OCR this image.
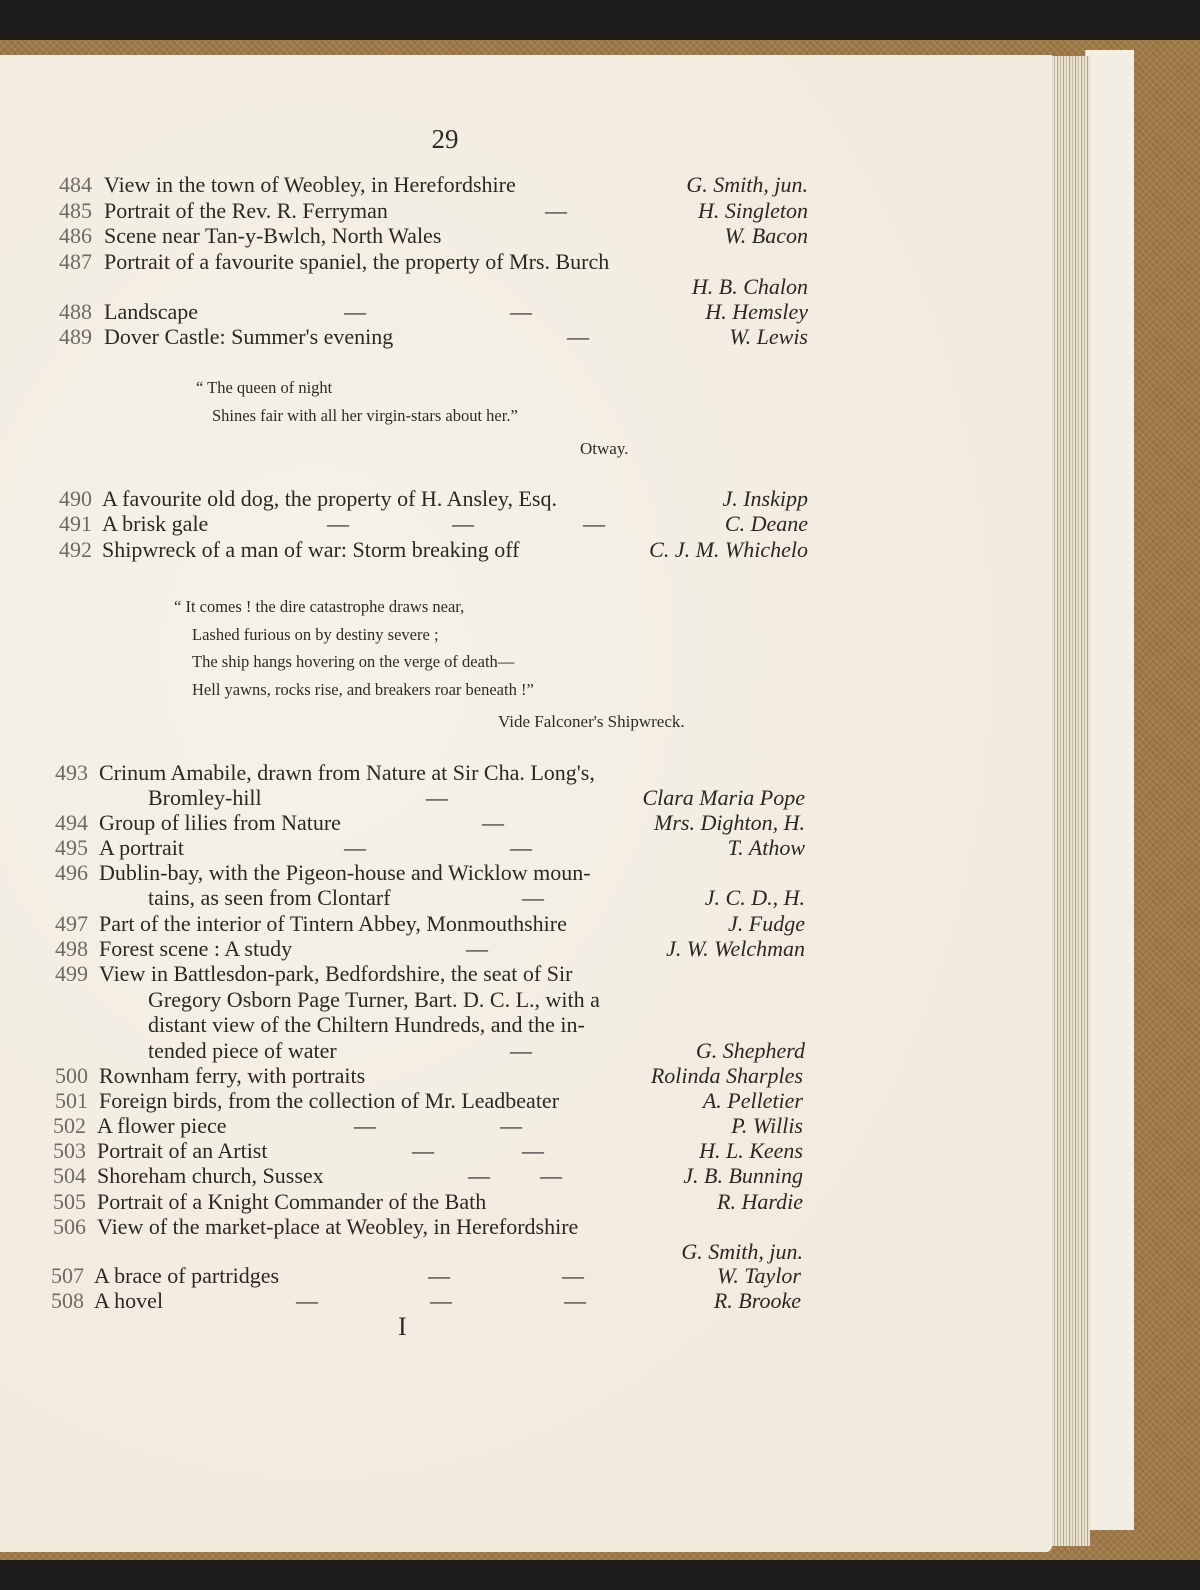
29
484 View in the town of Weobley, in Herefordshire	G. Smith, jun.
485 Portrait of the Rev. R. Ferryman	—	H. Singleton
486 Scene near Tan-y-Bwlch, North Wales	W. Bacon
487 Portrait of a favourite spaniel, the property of Mrs. Burch
H. B. Chalon
488 Landscape	—	—	H. Hemsley
489 Dover Castle: Summer's evening	—	W. Lewis
“ The queen of night
Shines fair with all her virgin-stars about her.”
Otway.
490 A favourite old dog, the property of H. Ansley, Esq.	J. Inskipp
491 A brisk gale	—	—	—	C. Deane
492 Shipwreck of a man of war: Storm breaking off	C. J. M. Whichelo
“ It comes ! the dire catastrophe draws near,
Lashed furious on by destiny severe ;
The ship hangs hovering on the verge of death—
Hell yawns, rocks rise, and breakers roar beneath !”
Vide Falconer's Shipwreck.
493 Crinum Amabile, drawn from Nature at Sir Cha. Long's,
Bromley-hill	—	Clara Maria Pope
494 Group of lilies from Nature	—	Mrs. Dighton, H.
495 A portrait	—	—	T. Athow
496 Dublin-bay, with the Pigeon-house and Wicklow moun-
tains, as seen from Clontarf	—	J. C. D., H.
497 Part of the interior of Tintern Abbey, Monmouthshire	J. Fudge
498 Forest scene : A study	—	J. W. Welchman
499 View in Battlesdon-park, Bedfordshire, the seat of Sir
Gregory Osborn Page Turner, Bart. D. C. L., with a
distant view of the Chiltern Hundreds, and the in-
tended piece of water	—	G. Shepherd
500 Rownham ferry, with portraits	Rolinda Sharples
501 Foreign birds, from the collection of Mr. Leadbeater	A. Pelletier
502 A flower piece	—	—	P. Willis
503 Portrait of an Artist	—	—	H. L. Keens
504 Shoreham church, Sussex	— —	J. B. Bunning
505 Portrait of a Knight Commander of the Bath	R. Hardie
506 View of the market-place at Weobley, in Herefordshire
G. Smith, jun.
507 A brace of partridges	—	—	W. Taylor
508 A hovel	—	—	—	R. Brooke
I
